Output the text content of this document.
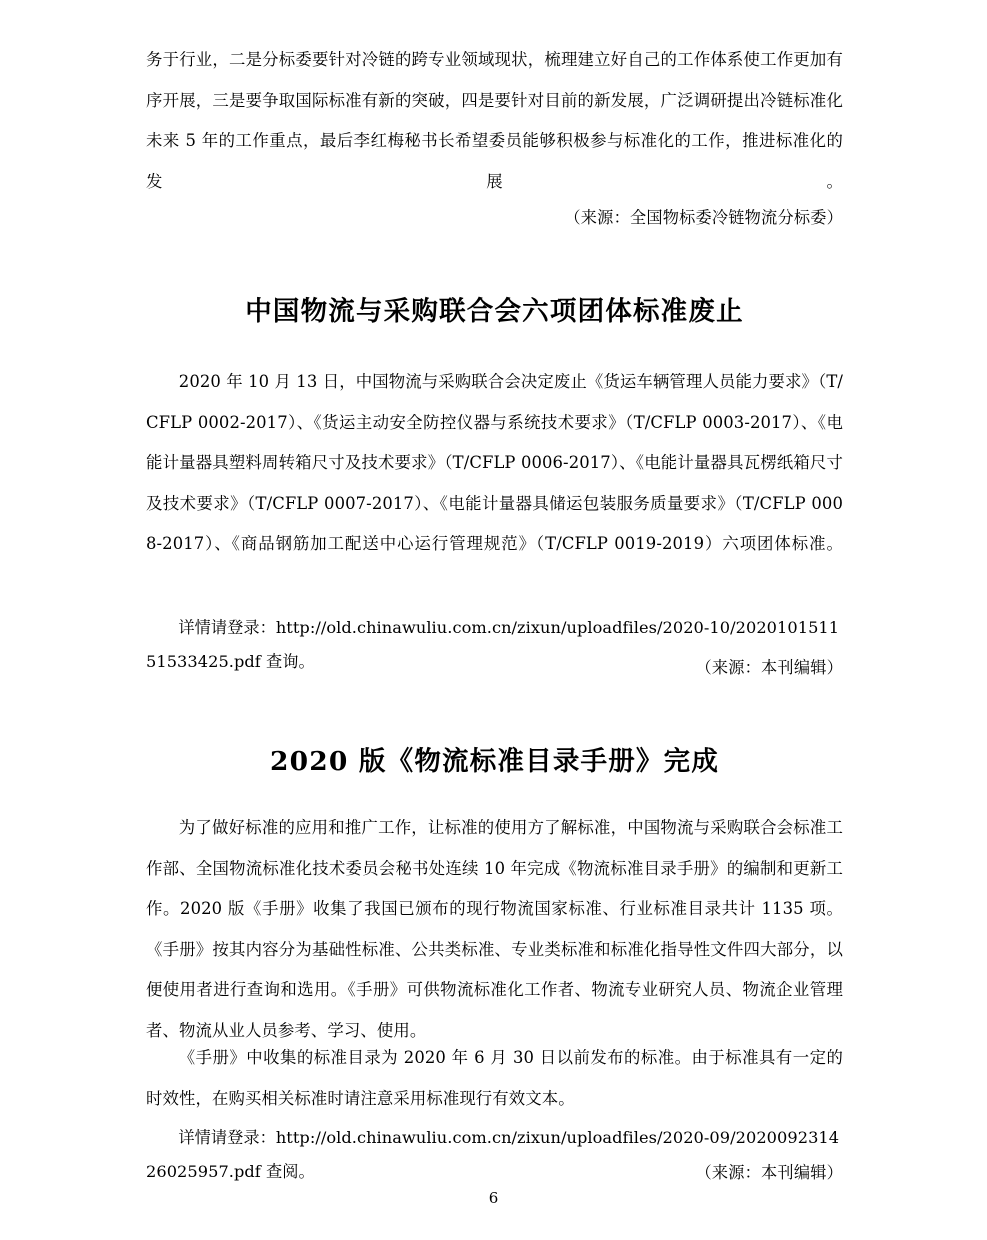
务于行业，二是分标委要针对冷链的跨专业领域现状，梳理建立好自己的工作体系使工作更加有序开展，三是要争取国际标准有新的突破，四是要针对目前的新发展，广泛调研提出冷链标准化未来 5 年的工作重点，最后李红梅秘书长希望委员能够积极参与标准化的工作，推进标准化的发展。

（来源：全国物标委冷链物流分标委）

中国物流与采购联合会六项团体标准废止

2020 年 10 月 13 日，中国物流与采购联合会决定废止《货运车辆管理人员能力要求》（T/CFLP 0002-2017）、《货运主动安全防控仪器与系统技术要求》（T/CFLP 0003-2017）、《电能计量器具塑料周转箱尺寸及技术要求》（T/CFLP 0006-2017）、《电能计量器具瓦楞纸箱尺寸及技术要求》（T/CFLP 0007-2017）、《电能计量器具储运包装服务质量要求》（T/CFLP 0008-2017）、《商品钢筋加工配送中心运行管理规范》（T/CFLP 0019-2019）六项团体标准。

详情请登录：http://old.chinawuliu.com.cn/zixun/uploadfiles/2020-10/202010151151533425.pdf 查询。	（来源：本刊编辑）

2020 版《物流标准目录手册》完成

为了做好标准的应用和推广工作，让标准的使用方了解标准，中国物流与采购联合会标准工作部、全国物流标准化技术委员会秘书处连续 10 年完成《物流标准目录手册》的编制和更新工作。2020 版《手册》收集了我国已颁布的现行物流国家标准、行业标准目录共计 1135 项。《手册》按其内容分为基础性标准、公共类标准、专业类标准和标准化指导性文件四大部分，以便使用者进行查询和选用。《手册》可供物流标准化工作者、物流专业研究人员、物流企业管理者、物流从业人员参考、学习、使用。

《手册》中收集的标准目录为 2020 年 6 月 30 日以前发布的标准。由于标准具有一定的时效性，在购买相关标准时请注意采用标准现行有效文本。

详情请登录：http://old.chinawuliu.com.cn/zixun/uploadfiles/2020-09/202009231426025957.pdf 查阅。	（来源：本刊编辑）

6
